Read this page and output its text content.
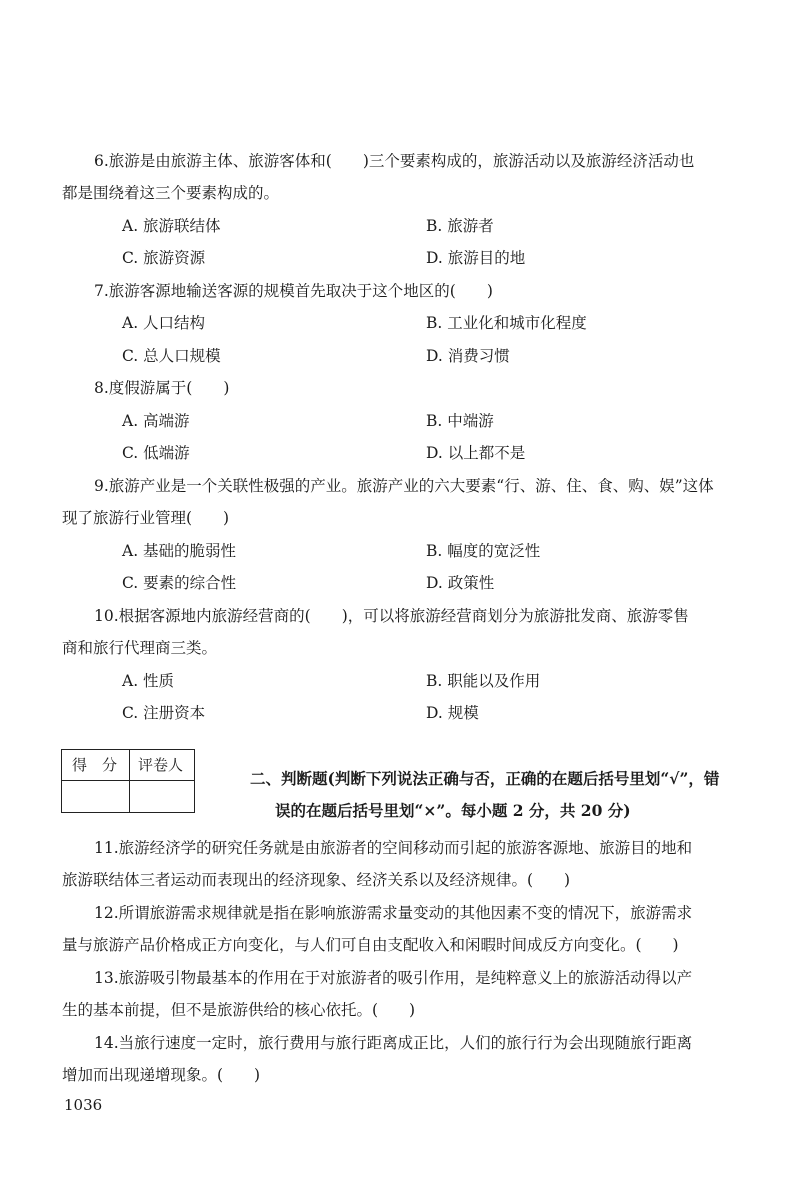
6.旅游是由旅游主体、旅游客体和(　　)三个要素构成的，旅游活动以及旅游经济活动也
都是围绕着这三个要素构成的。
A. 旅游联结体	B. 旅游者
C. 旅游资源	D. 旅游目的地
7.旅游客源地输送客源的规模首先取决于这个地区的(　　)
A. 人口结构	B. 工业化和城市化程度
C. 总人口规模	D. 消费习惯
8.度假游属于(　　)
A. 高端游	B. 中端游
C. 低端游	D. 以上都不是
9.旅游产业是一个关联性极强的产业。旅游产业的六大要素“行、游、住、食、购、娱”这体
现了旅游行业管理(　　)
A. 基础的脆弱性	B. 幅度的宽泛性
C. 要素的综合性	D. 政策性
10.根据客源地内旅游经营商的(　　)，可以将旅游经营商划分为旅游批发商、旅游零售
商和旅行代理商三类。
A. 性质	B. 职能以及作用
C. 注册资本	D. 规模
得　分 评卷人
二、判断题(判断下列说法正确与否，正确的在题后括号里划“√”，错
误的在题后括号里划“×”。每小题 2 分，共 20 分)
11.旅游经济学的研究任务就是由旅游者的空间移动而引起的旅游客源地、旅游目的地和
旅游联结体三者运动而表现出的经济现象、经济关系以及经济规律。(　　)
12.所谓旅游需求规律就是指在影响旅游需求量变动的其他因素不变的情况下，旅游需求
量与旅游产品价格成正方向变化，与人们可自由支配收入和闲暇时间成反方向变化。(　　)
13.旅游吸引物最基本的作用在于对旅游者的吸引作用，是纯粹意义上的旅游活动得以产
生的基本前提，但不是旅游供给的核心依托。(　　)
14.当旅行速度一定时，旅行费用与旅行距离成正比，人们的旅行行为会出现随旅行距离
增加而出现递增现象。(　　)
1036
